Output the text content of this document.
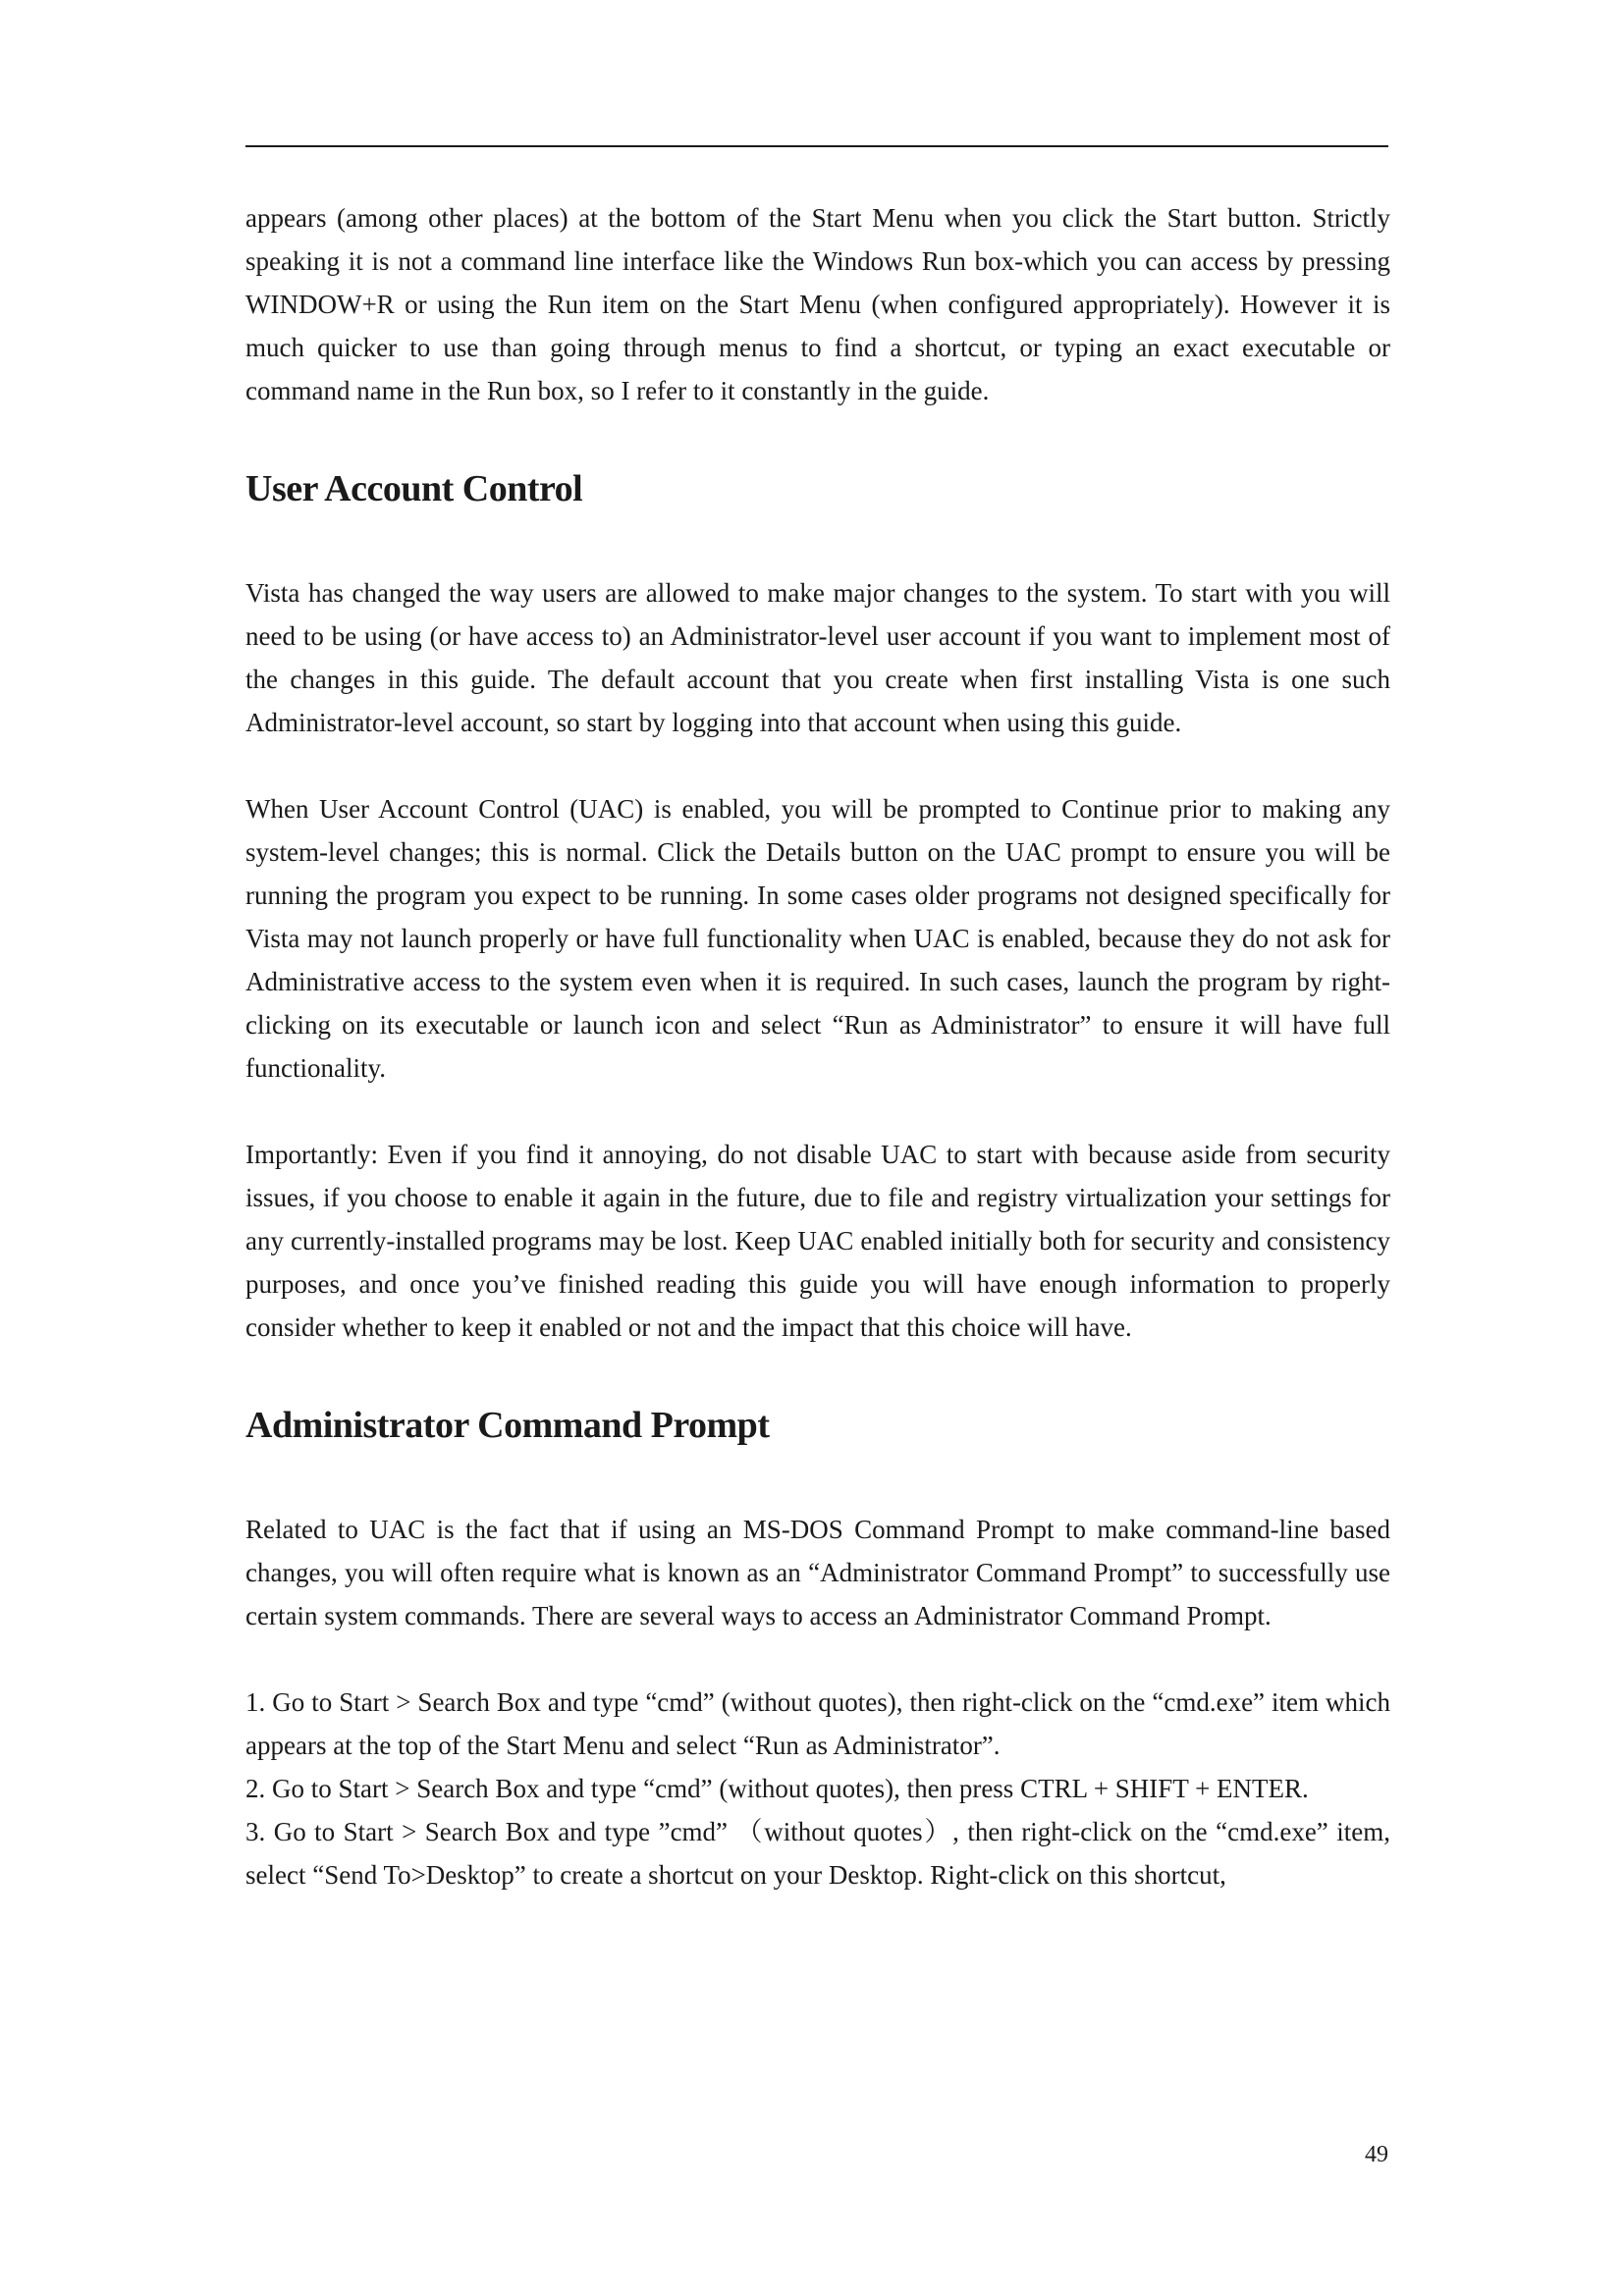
appears (among other places) at the bottom of the Start Menu when you click the Start button. Strictly speaking it is not a command line interface like the Windows Run box-which you can access by pressing WINDOW+R or using the Run item on the Start Menu (when configured appropriately). However it is much quicker to use than going through menus to find a shortcut, or typing an exact executable or command name in the Run box, so I refer to it constantly in the guide.

User Account Control

Vista has changed the way users are allowed to make major changes to the system. To start with you will need to be using (or have access to) an Administrator-level user account if you want to implement most of the changes in this guide. The default account that you create when first installing Vista is one such Administrator-level account, so start by logging into that account when using this guide.

When User Account Control (UAC) is enabled, you will be prompted to Continue prior to making any system-level changes; this is normal. Click the Details button on the UAC prompt to ensure you will be running the program you expect to be running. In some cases older programs not designed specifically for Vista may not launch properly or have full functionality when UAC is enabled, because they do not ask for Administrative access to the system even when it is required. In such cases, launch the program by right-clicking on its executable or launch icon and select “Run as Administrator” to ensure it will have full functionality.

Importantly: Even if you find it annoying, do not disable UAC to start with because aside from security issues, if you choose to enable it again in the future, due to file and registry virtualization your settings for any currently-installed programs may be lost. Keep UAC enabled initially both for security and consistency purposes, and once you’ve finished reading this guide you will have enough information to properly consider whether to keep it enabled or not and the impact that this choice will have.

Administrator Command Prompt

Related to UAC is the fact that if using an MS-DOS Command Prompt to make command-line based changes, you will often require what is known as an “Administrator Command Prompt” to successfully use certain system commands. There are several ways to access an Administrator Command Prompt.

1. Go to Start > Search Box and type “cmd” (without quotes), then right-click on the “cmd.exe” item which appears at the top of the Start Menu and select “Run as Administrator”.

2. Go to Start > Search Box and type “cmd” (without quotes), then press CTRL + SHIFT + ENTER.

3. Go to Start > Search Box and type ”cmd” （without quotes）, then right-click on the “cmd.exe” item, select “Send To>Desktop” to create a shortcut on your Desktop. Right-click on this shortcut,

49
